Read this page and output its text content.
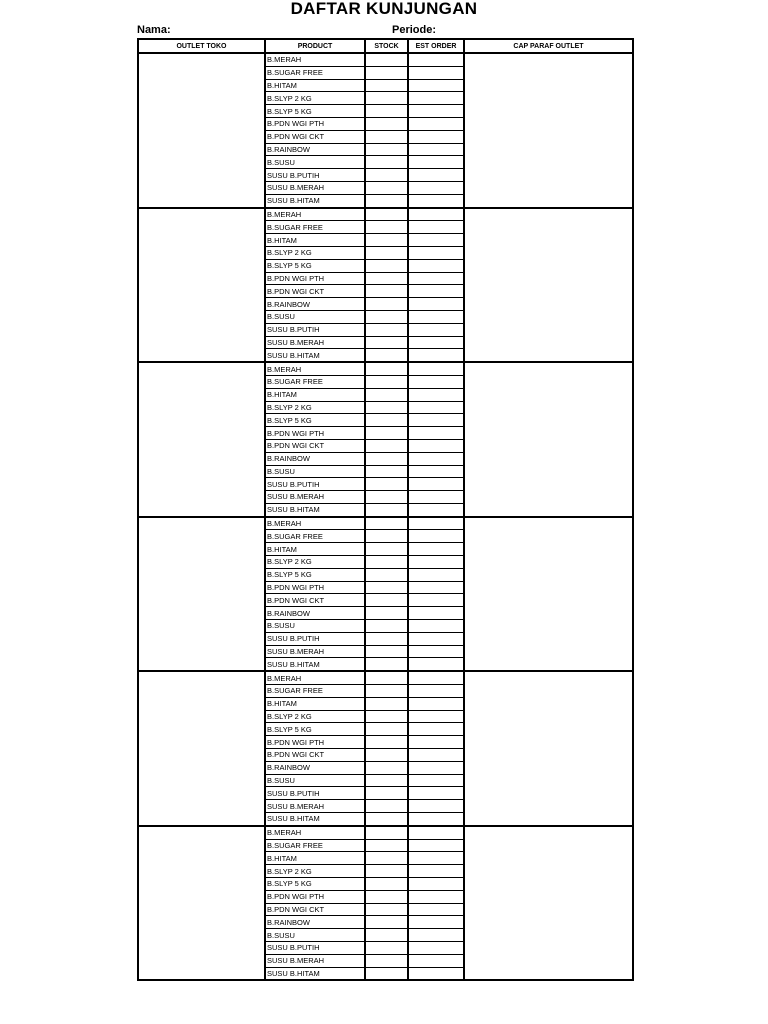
DAFTAR KUNJUNGAN
Nama:	Periode:
OUTLET TOKO	PRODUCT	STOCK	EST ORDER	CAP PARAF OUTLET
	B.MERAH			
	B.SUGAR FREE			
	B.HITAM			
	B.SLYP 2 KG			
	B.SLYP 5 KG			
	B.PDN WGI PTH			
	B.PDN WGI CKT			
	B.RAINBOW			
	B.SUSU			
	SUSU B.PUTIH			
	SUSU B.MERAH			
	SUSU B.HITAM			
	B.MERAH			
	B.SUGAR FREE			
	B.HITAM			
	B.SLYP 2 KG			
	B.SLYP 5 KG			
	B.PDN WGI PTH			
	B.PDN WGI CKT			
	B.RAINBOW			
	B.SUSU			
	SUSU B.PUTIH			
	SUSU B.MERAH			
	SUSU B.HITAM			
	B.MERAH			
	B.SUGAR FREE			
	B.HITAM			
	B.SLYP 2 KG			
	B.SLYP 5 KG			
	B.PDN WGI PTH			
	B.PDN WGI CKT			
	B.RAINBOW			
	B.SUSU			
	SUSU B.PUTIH			
	SUSU B.MERAH			
	SUSU B.HITAM			
	B.MERAH			
	B.SUGAR FREE			
	B.HITAM			
	B.SLYP 2 KG			
	B.SLYP 5 KG			
	B.PDN WGI PTH			
	B.PDN WGI CKT			
	B.RAINBOW			
	B.SUSU			
	SUSU B.PUTIH			
	SUSU B.MERAH			
	SUSU B.HITAM			
	B.MERAH			
	B.SUGAR FREE			
	B.HITAM			
	B.SLYP 2 KG			
	B.SLYP 5 KG			
	B.PDN WGI PTH			
	B.PDN WGI CKT			
	B.RAINBOW			
	B.SUSU			
	SUSU B.PUTIH			
	SUSU B.MERAH			
	SUSU B.HITAM			
	B.MERAH			
	B.SUGAR FREE			
	B.HITAM			
	B.SLYP 2 KG			
	B.SLYP 5 KG			
	B.PDN WGI PTH			
	B.PDN WGI CKT			
	B.RAINBOW			
	B.SUSU			
	SUSU B.PUTIH			
	SUSU B.MERAH			
	SUSU B.HITAM			
